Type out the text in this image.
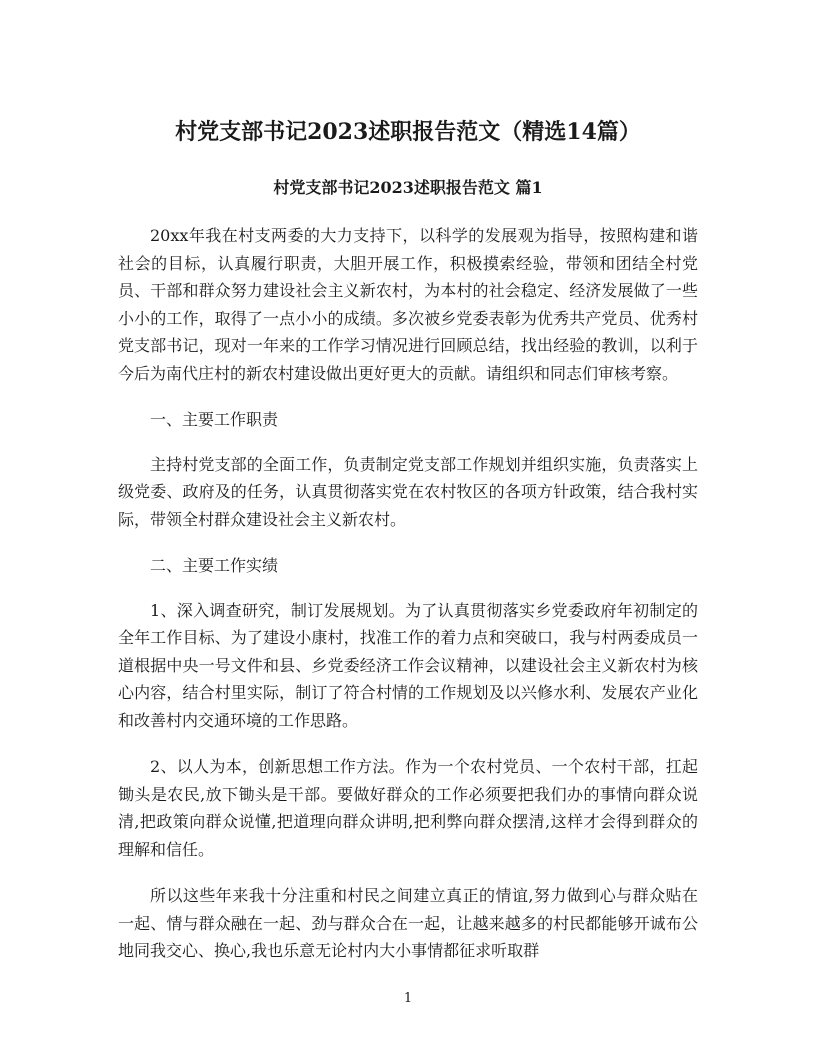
村党支部书记2023述职报告范文（精选14篇）
村党支部书记2023述职报告范文 篇1

20xx年我在村支两委的大力支持下，以科学的发展观为指导，按照构建和谐社会的目标，认真履行职责，大胆开展工作，积极摸索经验，带领和团结全村党员、干部和群众努力建设社会主义新农村，为本村的社会稳定、经济发展做了一些小小的工作，取得了一点小小的成绩。多次被乡党委表彰为优秀共产党员、优秀村党支部书记，现对一年来的工作学习情况进行回顾总结，找出经验的教训，以利于今后为南代庄村的新农村建设做出更好更大的贡献。请组织和同志们审核考察。

一、主要工作职责

主持村党支部的全面工作，负责制定党支部工作规划并组织实施，负责落实上级党委、政府及的任务，认真贯彻落实党在农村牧区的各项方针政策，结合我村实际，带领全村群众建设社会主义新农村。

二、主要工作实绩

1、深入调查研究，制订发展规划。为了认真贯彻落实乡党委政府年初制定的全年工作目标、为了建设小康村，找准工作的着力点和突破口，我与村两委成员一道根据中央一号文件和县、乡党委经济工作会议精神，以建设社会主义新农村为核心内容，结合村里实际，制订了符合村情的工作规划及以兴修水利、发展农产业化和改善村内交通环境的工作思路。

2、以人为本，创新思想工作方法。作为一个农村党员、一个农村干部，扛起锄头是农民,放下锄头是干部。要做好群众的工作必须要把我们办的事情向群众说清,把政策向群众说懂,把道理向群众讲明,把利弊向群众摆清,这样才会得到群众的理解和信任。

所以这些年来我十分注重和村民之间建立真正的情谊,努力做到心与群众贴在一起、情与群众融在一起、劲与群众合在一起，让越来越多的村民都能够开诚布公地同我交心、换心,我也乐意无论村内大小事情都征求听取群

1
